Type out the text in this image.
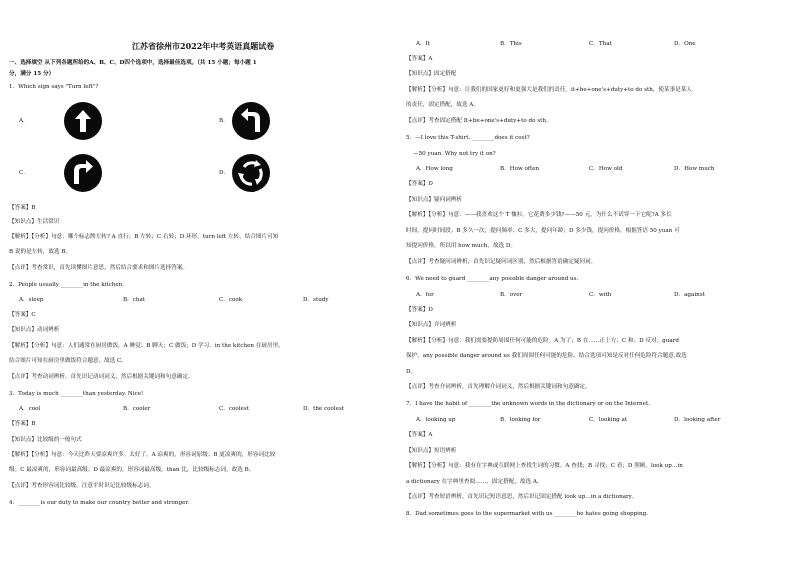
江苏省徐州市2022年中考英语真题试卷
一、选择填空 从下列各题所给的A、B、C、D四个选项中，选择最佳选项。（共 15 小题；每小题 1
分，满分 15 分）
1．Which sign says "Turn left"?
A．	B．
C．	D．
【答案】B
【知识点】生活常识
【解析】【分析】句意：哪个标志牌左转? A 直行；B 左转；C 右转；D 环形。turn left 左转，结合图片可知
B 说的是左转，故选 B。
【点评】考查常识，首先读懂图片意思，然后结合要求和图片选择答案。
2．People usually ________in the kitchen.
A．sleep	B．chat	C．cook	D．study
【答案】C
【知识点】动词辨析
【解析】【分析】句意：人们通常在厨房做饭。A 睡觉；B 聊天；C 做饭；D 学习。in the kitchen 在厨房里，
结合图片可知在厨房里做饭符合题意，故选 C。
【点评】考查动词辨析，首先识记动词词义，然后根据关键词和句意确定。
3．Today is much ________than yesterday. Nice!
A．cool	B．cooler	C．coolest	D．the coolest
【答案】B
【知识点】比较级的一般句式
【解析】【分析】句意：今天比昨天要凉爽许多。太好了。A 凉爽的，形容词原级；B 更凉爽的，形容词比较
级；C 最凉爽的，形容词最高级；D 最凉爽的，形容词最高级。than 比，比较级标志词，故选 B。
【点评】考查形容词比较级，注意平时识记比较级标志词。
4．________is our duty to make our country better and stronger.
A．It	B．This	C．That	D．One
【答案】A
【知识点】固定搭配
【解析】【分析】句意：让我们的国家更好和更强大是我们的责任。it+be+one's+duty+to do sth，使某事是某人
的责任，固定搭配，故选 A。
【点评】考查固定搭配 It+be+one's+duty+to do sth。
5．—I love this T-shirt. ________does it cost?
—50 yuan. Why not try it on?
A．How long	B．How often	C．How old	D．How much
【答案】D
【知识点】疑问词辨析
【解析】【分析】句意：——我喜欢这个 T 恤衫。它花费多少钱?——50 元。为什么不试穿一下它呢?A 多长
时间，提问时间段；B 多久一次，提问频率；C 多大，提问年龄；D 多少钱，提问价格。根据答语 50 yuan 可
知提问价格，所以用 how much，故选 D。
【点评】考查疑问词辨析，首先识记疑问词区别，然后根据答语确定疑问词。
6．We need to guard ________any possible danger around us.
A．for	B．over	C．with	D．against
【答案】D
【知识点】介词辨析
【解析】【分析】句意：我们需要提防周围任何可能的危险。A 为了；B 在……正上方；C 和；D 反对。guard
保护，any possible danger around us 我们周围任何可能的危险，结合选项可知是反对任何危险符合题意,故选
D。
【点评】考查介词辨析，首先理解介词词义，然后根据关键词和句意确定。
7．I have the habit of ________the unknown words in the dictionary or on the Internet.
A．looking up	B．looking for	C．looking at	D．looking after
【答案】A
【知识点】短语辨析
【解析】【分析】句意：我有在字典或互联网上查找生词的习惯。A 查找；B 寻找；C 看；D 照顾。look up…in
a dictionary 在字典里查阅……，固定搭配，故选 A。
【点评】考查短语辨析，首先识记短语意思，然后识记固定搭配 look up…in a dictionary。
8．Dad sometimes goes to the supermarket with us ________he hates going shopping.
